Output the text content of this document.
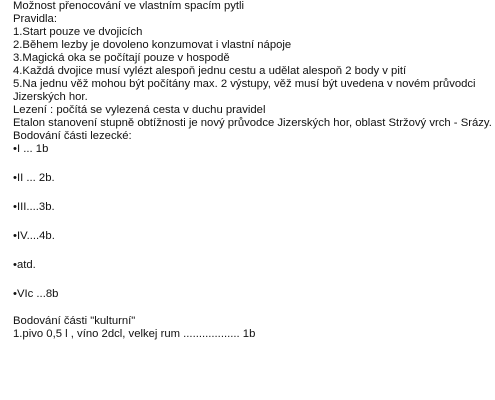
Možnost přenocování ve vlastním spacím pytli
Pravidla:
1.Start pouze ve dvojicích
2.Během lezby je dovoleno konzumovat i vlastní nápoje
3.Magická oka se počítají pouze v hospodě
4.Každá dvojice musí vylézt alespoň jednu cestu a udělat alespoň 2 body v pití
5.Na jednu věž mohou být počítány max. 2 výstupy, věž musí být uvedena v novém průvodci Jizerských hor.
Lezení : počítá se vylezená cesta v duchu pravidel
Etalon stanovení stupně obtížnosti je nový průvodce Jizerských hor, oblast Stržový vrch - Srázy.
Bodování části lezecké:
•I ... 1b
•II ... 2b.
•III....3b.
•IV....4b.
•atd.
•VIc ...8b
Bodování části "kulturní"
1.pivo 0,5 l , víno 2dcl, velkej rum .................. 1b
